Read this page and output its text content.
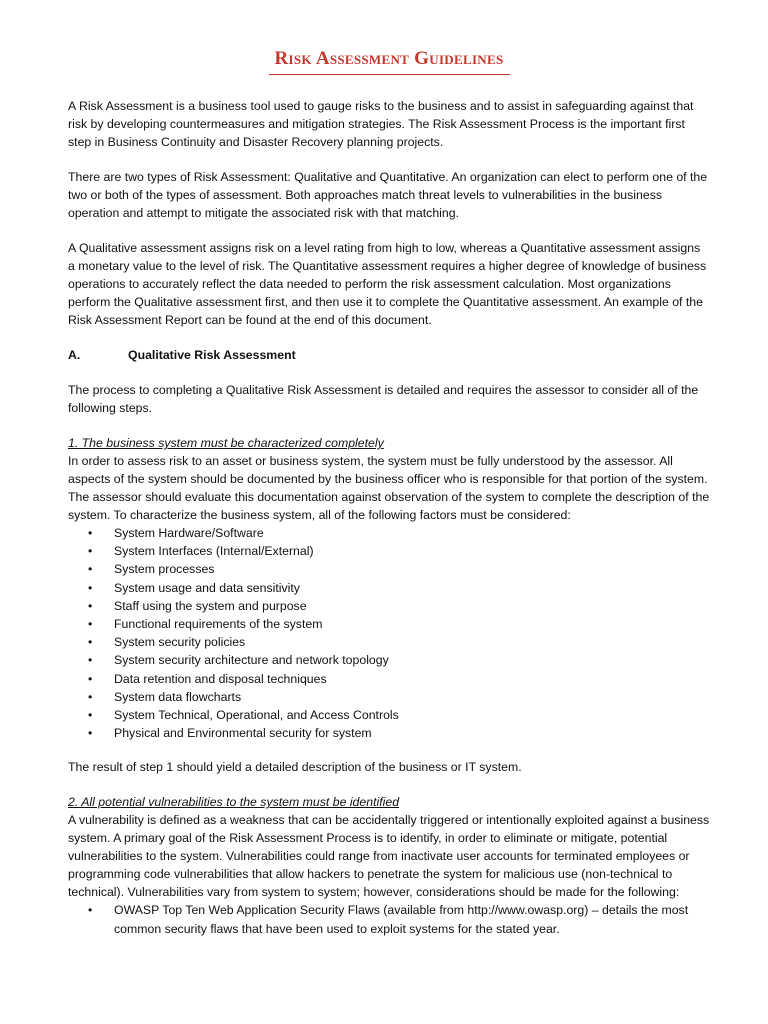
Risk Assessment Guidelines

A Risk Assessment is a business tool used to gauge risks to the business and to assist in safeguarding against that risk by developing countermeasures and mitigation strategies. The Risk Assessment Process is the important first step in Business Continuity and Disaster Recovery planning projects.

There are two types of Risk Assessment: Qualitative and Quantitative. An organization can elect to perform one of the two or both of the types of assessment. Both approaches match threat levels to vulnerabilities in the business operation and attempt to mitigate the associated risk with that matching.

A Qualitative assessment assigns risk on a level rating from high to low, whereas a Quantitative assessment assigns a monetary value to the level of risk. The Quantitative assessment requires a higher degree of knowledge of business operations to accurately reflect the data needed to perform the risk assessment calculation. Most organizations perform the Qualitative assessment first, and then use it to complete the Quantitative assessment. An example of the Risk Assessment Report can be found at the end of this document.

A.	Qualitative Risk Assessment

The process to completing a Qualitative Risk Assessment is detailed and requires the assessor to consider all of the following steps.

1. The business system must be characterized completely

In order to assess risk to an asset or business system, the system must be fully understood by the assessor. All aspects of the system should be documented by the business officer who is responsible for that portion of the system. The assessor should evaluate this documentation against observation of the system to complete the description of the system. To characterize the business system, all of the following factors must be considered:

• System Hardware/Software
• System Interfaces (Internal/External)
• System processes
• System usage and data sensitivity
• Staff using the system and purpose
• Functional requirements of the system
• System security policies
• System security architecture and network topology
• Data retention and disposal techniques
• System data flowcharts
• System Technical, Operational, and Access Controls
• Physical and Environmental security for system

The result of step 1 should yield a detailed description of the business or IT system.

2. All potential vulnerabilities to the system must be identified

A vulnerability is defined as a weakness that can be accidentally triggered or intentionally exploited against a business system. A primary goal of the Risk Assessment Process is to identify, in order to eliminate or mitigate, potential vulnerabilities to the system. Vulnerabilities could range from inactivate user accounts for terminated employees or programming code vulnerabilities that allow hackers to penetrate the system for malicious use (non-technical to technical). Vulnerabilities vary from system to system; however, considerations should be made for the following:

• OWASP Top Ten Web Application Security Flaws (available from http://www.owasp.org) – details the most common security flaws that have been used to exploit systems for the stated year.
